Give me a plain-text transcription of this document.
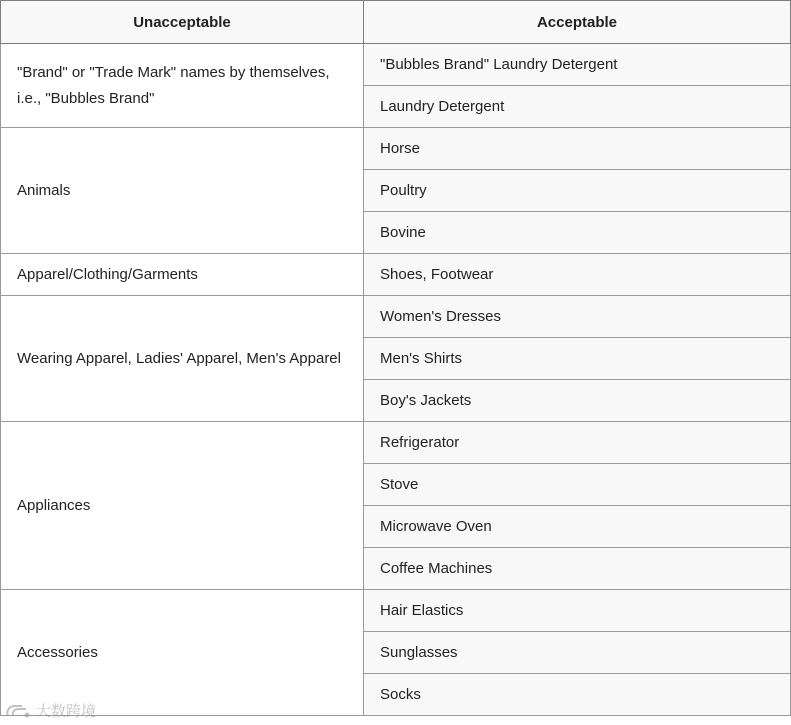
Unacceptable	Acceptable
"Brand" or "Trade Mark" names by themselves, i.e., "Bubbles Brand"	"Bubbles Brand" Laundry Detergent
	Laundry Detergent
Animals	Horse
	Poultry
	Bovine
Apparel/Clothing/Garments	Shoes, Footwear
Wearing Apparel, Ladies' Apparel, Men's Apparel	Women's Dresses
	Men's Shirts
	Boy's Jackets
Appliances	Refrigerator
	Stove
	Microwave Oven
	Coffee Machines
Accessories	Hair Elastics
	Sunglasses
	Socks
大数跨境
